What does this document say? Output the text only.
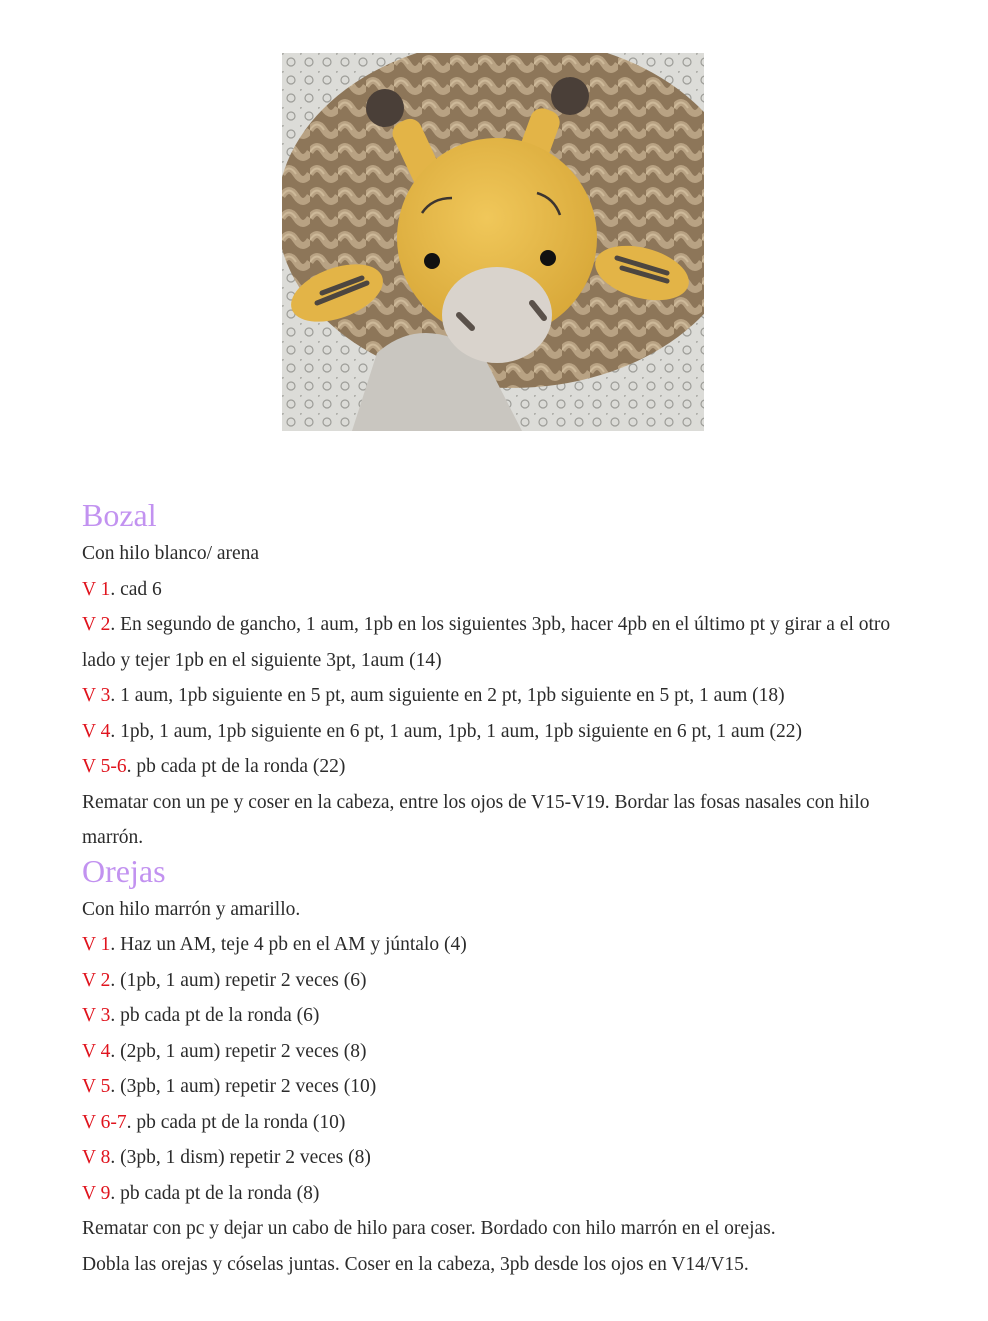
Bozal

Con hilo blanco/ arena

V 1. cad 6

V 2. En segundo de gancho, 1 aum, 1pb en los siguientes 3pb, hacer 4pb en el último pt y girar a el otro lado y tejer 1pb en el siguiente 3pt, 1aum (14)

V 3. 1 aum, 1pb siguiente en 5 pt, aum siguiente en 2 pt, 1pb siguiente en 5 pt, 1 aum (18)

V 4. 1pb, 1 aum, 1pb siguiente en 6 pt, 1 aum, 1pb, 1 aum, 1pb siguiente en 6 pt, 1 aum (22)

V 5-6. pb cada pt de la ronda (22)

Rematar con un pe y coser en la cabeza, entre los ojos de V15-V19. Bordar las fosas nasales con hilo marrón.

Orejas

Con hilo marrón y amarillo.

V 1. Haz un AM, teje 4 pb en el AM y júntalo (4)

V 2. (1pb, 1 aum) repetir 2 veces (6)

V 3. pb cada pt de la ronda (6)

V 4. (2pb, 1 aum) repetir 2 veces (8)

V 5. (3pb, 1 aum) repetir 2 veces (10)

V 6-7. pb cada pt de la ronda (10)

V 8. (3pb, 1 dism) repetir 2 veces (8)

V 9. pb cada pt de la ronda (8)

Rematar con pc y dejar un cabo de hilo para coser. Bordado con hilo marrón en el orejas.

Dobla las orejas y cóselas juntas. Coser en la cabeza, 3pb desde los ojos en V14/V15.
